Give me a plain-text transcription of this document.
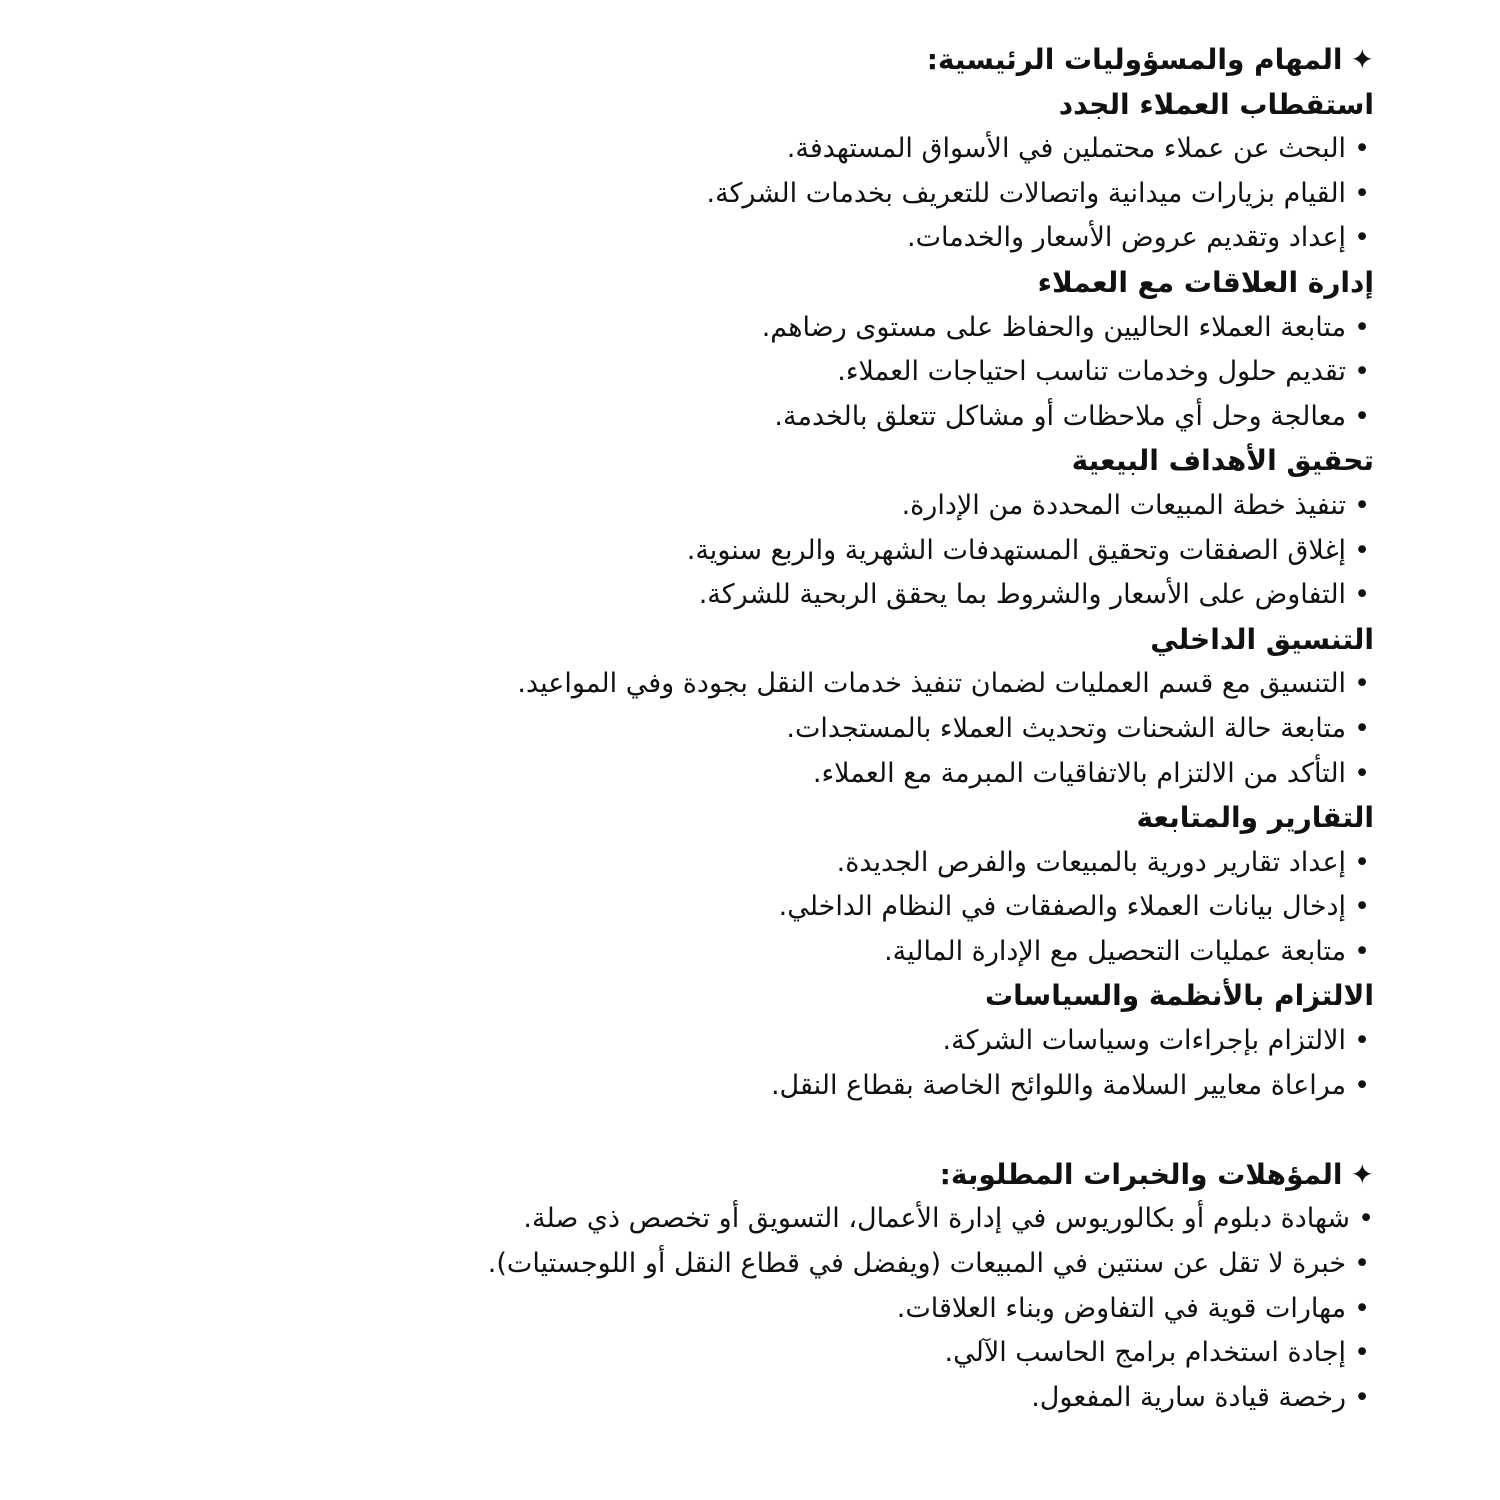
✦المهام والمسؤوليات الرئيسية:
استقطاب العملاء الجدد
•البحث عن عملاء محتملين في الأسواق المستهدفة.
•القيام بزيارات ميدانية واتصالات للتعريف بخدمات الشركة.
•إعداد وتقديم عروض الأسعار والخدمات.
إدارة العلاقات مع العملاء
•متابعة العملاء الحاليين والحفاظ على مستوى رضاهم.
•تقديم حلول وخدمات تناسب احتياجات العملاء.
•معالجة وحل أي ملاحظات أو مشاكل تتعلق بالخدمة.
تحقيق الأهداف البيعية
•تنفيذ خطة المبيعات المحددة من الإدارة.
•إغلاق الصفقات وتحقيق المستهدفات الشهرية والربع سنوية.
•التفاوض على الأسعار والشروط بما يحقق الربحية للشركة.
التنسيق الداخلي
•التنسيق مع قسم العمليات لضمان تنفيذ خدمات النقل بجودة وفي المواعيد.
•متابعة حالة الشحنات وتحديث العملاء بالمستجدات.
•التأكد من الالتزام بالاتفاقيات المبرمة مع العملاء.
التقارير والمتابعة
•إعداد تقارير دورية بالمبيعات والفرص الجديدة.
•إدخال بيانات العملاء والصفقات في النظام الداخلي.
•متابعة عمليات التحصيل مع الإدارة المالية.
الالتزام بالأنظمة والسياسات
•الالتزام بإجراءات وسياسات الشركة.
•مراعاة معايير السلامة واللوائح الخاصة بقطاع النقل.
✦المؤهلات والخبرات المطلوبة:
•شهادة دبلوم أو بكالوريوس في إدارة الأعمال، التسويق أو تخصص ذي صلة.
•خبرة لا تقل عن سنتين في المبيعات (ويفضل في قطاع النقل أو اللوجستيات).
•مهارات قوية في التفاوض وبناء العلاقات.
•إجادة استخدام برامج الحاسب الآلي.
•رخصة قيادة سارية المفعول.
